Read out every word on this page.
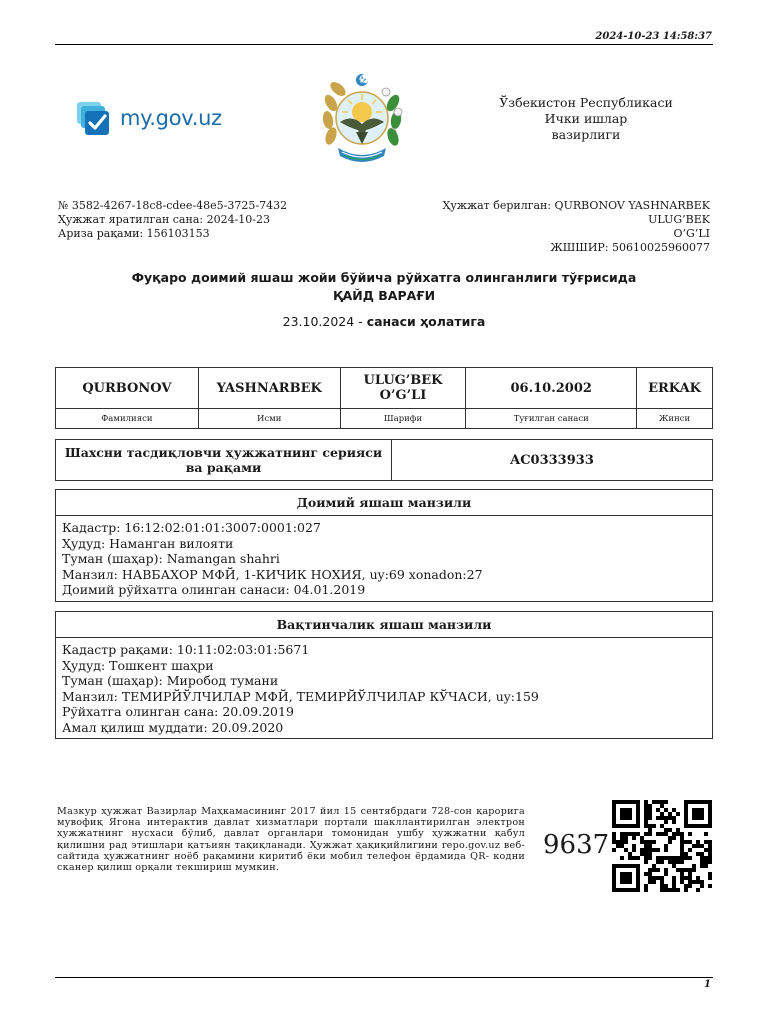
2024-10-23 14:58:37
my.gov.uz
Ўзбекистон Республикаси
Ички ишлар
вазирлиги
№ 3582-4267-18c8-cdee-48e5-3725-7432
Ҳужжат яратилган сана: 2024-10-23
Ариза рақами: 156103153
Ҳужжат берилган: QURBONOV YASHNARBEK ULUG’BEK
O’G’LI
ЖШШИР: 50610025960077
Фуқаро доимий яшаш жойи бўйича рўйхатга олинганлиги тўғрисида
ҚАЙД ВАРАҒИ
23.10.2024 - санаси ҳолатига
QURBONOV	YASHNARBEK	ULUG’BEK O’G’LI	06.10.2002	ERKAK
Фамилияси	Исми	Шарифи	Туғилган санаси	Жинси
Шахсни тасдиқловчи ҳужжатнинг серияси ва рақами	AC0333933
Доимий яшаш манзили
Кадастр: 16:12:02:01:01:3007:0001:027
Ҳудуд: Наманган вилояти
Туман (шаҳар): Namangan shahri
Манзил: НАВБАХОР МФЙ, 1-КИЧИК НОХИЯ, uy:69 xonadon:27
Доимий рўйхатга олинган санаси: 04.01.2019
Вақтинчалик яшаш манзили
Кадастр рақами: 10:11:02:03:01:5671
Ҳудуд: Тошкент шаҳри
Туман (шаҳар): Миробод тумани
Манзил: ТЕМИРЙЎЛЧИЛАР МФЙ, ТЕМИРЙЎЛЧИЛАР КЎЧАСИ, uy:159
Рўйхатга олинган сана: 20.09.2019
Амал қилиш муддати: 20.09.2020
Мазкур ҳужжат Вазирлар Маҳкамасининг 2017 йил 15 сентябрдаги 728-сон қарорига мувофиқ Ягона интерактив давлат хизматлари портали шакллантирилган электрон ҳужжатнинг нусхаси бўлиб, давлат органлари томонидан ушбу ҳужжатни қабул қилишни рад этишлари қатъиян тақиқланади. Ҳужжат ҳақиқийлигини repo.gov.uz веб-сайтида ҳужжатнинг ноёб рақамини киритиб ёки мобил телефон ёрдамида QR- кодни сканер қилиш орқали текшириш мумкин.
9637
1
